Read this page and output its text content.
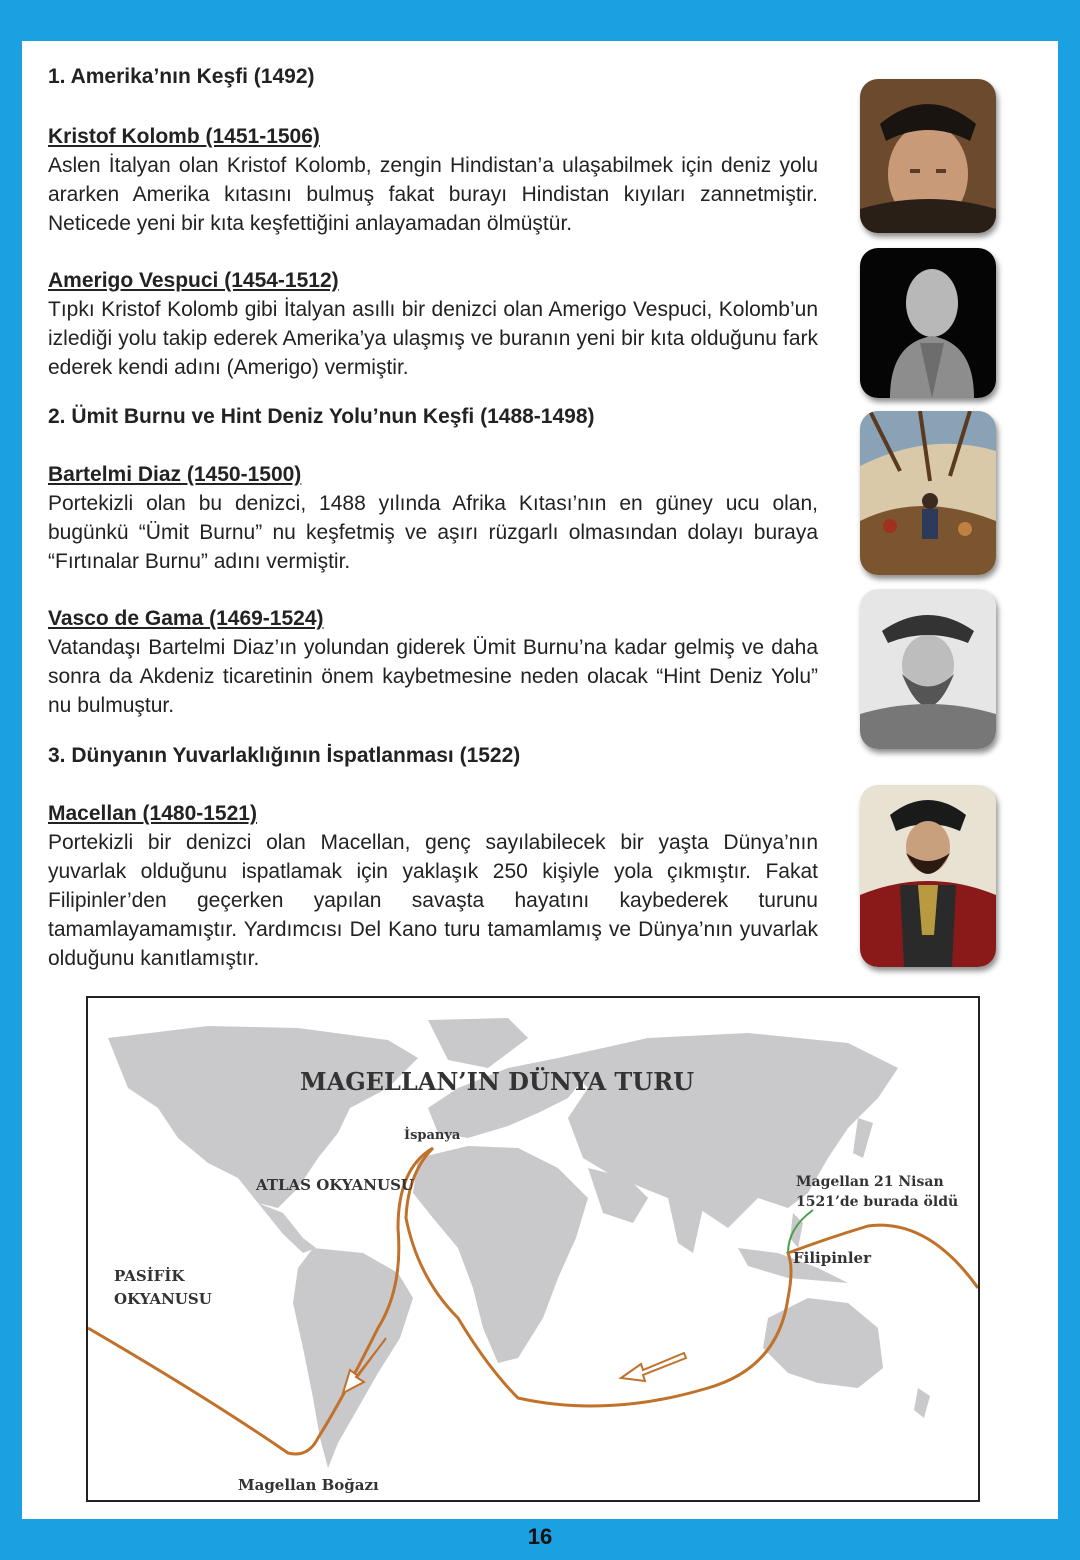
1. Amerika’nın Keşfi (1492)

Kristof Kolomb (1451-1506)

Aslen İtalyan olan Kristof Kolomb, zengin Hindistan’a ulaşabilmek için deniz yolu ararken Amerika kıtasını bulmuş fakat burayı Hindistan kıyıları zannetmiştir. Neticede yeni bir kıta keşfettiğini anlayamadan ölmüştür.

Amerigo Vespuci (1454-1512)

Tıpkı Kristof Kolomb gibi İtalyan asıllı bir denizci olan Amerigo Vespuci, Kolomb’un izlediği yolu takip ederek Amerika’ya ulaşmış ve buranın yeni bir kıta olduğunu fark ederek kendi adını (Amerigo) vermiştir.

2. Ümit Burnu ve Hint Deniz Yolu’nun Keşfi (1488-1498)

Bartelmi Diaz (1450-1500)

Portekizli olan bu denizci, 1488 yılında Afrika Kıtası’nın en güney ucu olan, bugünkü “Ümit Burnu” nu keşfetmiş ve aşırı rüzgarlı olmasından dolayı buraya “Fırtınalar Burnu” adını vermiştir.

Vasco de Gama (1469-1524)

Vatandaşı Bartelmi Diaz’ın yolundan giderek Ümit Burnu’na kadar gelmiş ve daha sonra da Akdeniz ticaretinin önem kaybetmesine neden olacak “Hint Deniz Yolu” nu bulmuştur.

3. Dünyanın Yuvarlaklığının İspatlanması (1522)

Macellan (1480-1521)

Portekizli bir denizci olan Macellan, genç sayılabilecek bir yaşta Dünya’nın yuvarlak olduğunu ispatlamak için yaklaşık 250 kişiyle yola çıkmıştır. Fakat Filipinler’den geçerken yapılan savaşta hayatını kaybederek turunu tamamlayamamıştır. Yardımcısı Del Kano turu tamamlamış ve Dünya’nın yuvarlak olduğunu kanıtlamıştır.

MAGELLAN’IN DÜNYA TURU
İspanya
ATLAS OKYANUSU
PASİFİK
OKYANUSU
Magellan 21 Nisan
1521’de burada öldü
Filipinler
Magellan Boğazı
16
